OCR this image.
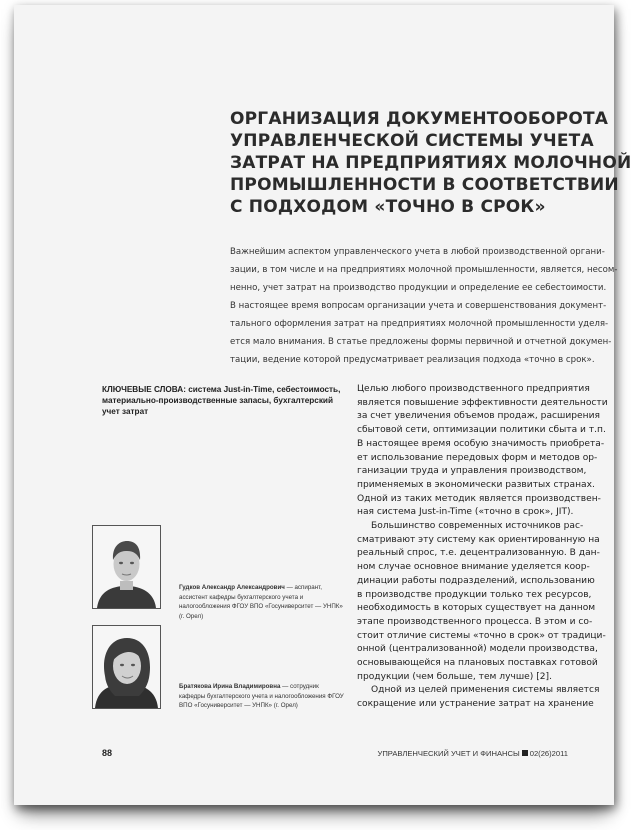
ОРГАНИЗАЦИЯ ДОКУМЕНТООБОРОТА
УПРАВЛЕНЧЕСКОЙ СИСТЕМЫ УЧЕТА
ЗАТРАТ НА ПРЕДПРИЯТИЯХ МОЛОЧНОЙ
ПРОМЫШЛЕННОСТИ В СООТВЕТСТВИИ
С ПОДХОДОМ «ТОЧНО В СРОК»
Важнейшим аспектом управленческого учета в любой производственной органи-
зации, в том числе и на предприятиях молочной промышленности, является, несом-
ненно, учет затрат на производство продукции и определение ее себестоимости.
В настоящее время вопросам организации учета и совершенствования документ-
тального оформления затрат на предприятиях молочной промышленности уделя-
ется мало внимания. В статье предложены формы первичной и отчетной докумен-
тации, ведение которой предусматривает реализация подхода «точно в срок».
КЛЮЧЕВЫЕ СЛОВА: система Just-in-Time, себестоимость, материально-производственные запасы, бухгалтерский учет затрат
Целью любого производственного предприятия
является повышение эффективности деятельности
за счет увеличения объемов продаж, расширения
сбытовой сети, оптимизации политики сбыта и т.п.
В настоящее время особую значимость приобрета-
ет использование передовых форм и методов ор-
ганизации труда и управления производством,
применяемых в экономически развитых странах.
Одной из таких методик является производствен-
ная система Just-in-Time («точно в срок», JIT).
Большинство современных источников рас-
сматривают эту систему как ориентированную на
реальный спрос, т.е. децентрализованную. В дан-
ном случае основное внимание уделяется коор-
динации работы подразделений, использованию
в производстве продукции только тех ресурсов,
необходимость в которых существует на данном
этапе производственного процесса. В этом и со-
стоит отличие системы «точно в срок» от традици-
онной (централизованной) модели производства,
основывающейся на плановых поставках готовой
продукции (чем больше, тем лучше) [2].
Одной из целей применения системы является
сокращение или устранение затрат на хранение
Гудков Александр Александрович — аспирант, ассистент кафедры бухгалтерского учета и налогообложения ФГОУ ВПО «Госуниверситет — УНПК» (г. Орел)
Братякова Ирина Владимировна — сотрудник кафедры бухгалтерского учета и налогообложения ФГОУ ВПО «Госуниверситет — УНПК» (г. Орел)
88	УПРАВЛЕНЧЕСКИЙ УЧЕТ И ФИНАНСЫ 02(26)2011
